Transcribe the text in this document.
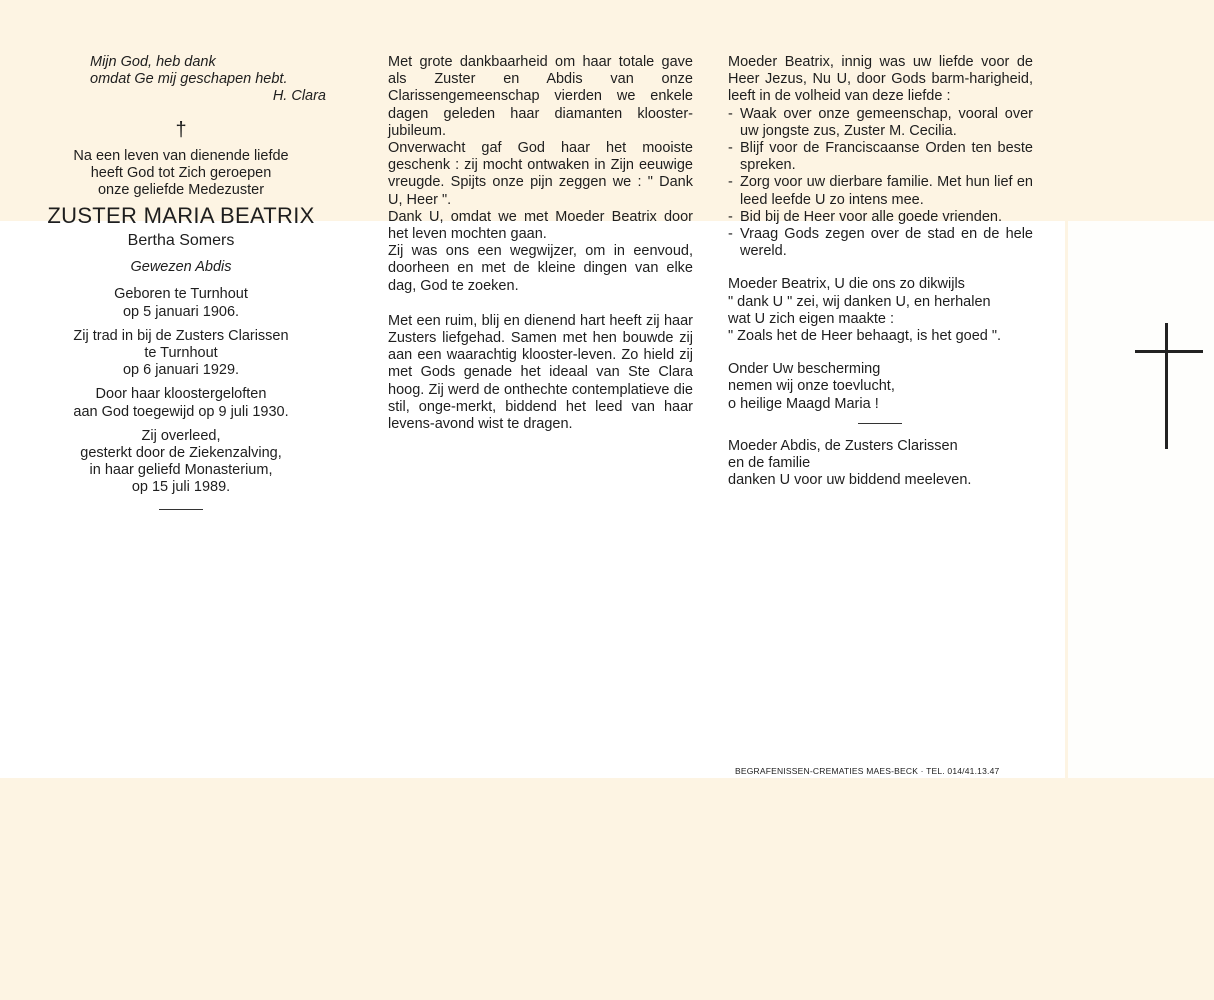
Mijn God, heb dank
omdat Ge mij geschapen hebt.
H. Clara
†
Na een leven van dienende liefde
heeft God tot Zich geroepen
onze geliefde Medezuster
ZUSTER MARIA BEATRIX
Bertha Somers
Gewezen Abdis
Geboren te Turnhout
op 5 januari 1906.
Zij trad in bij de Zusters Clarissen
te Turnhout
op 6 januari 1929.
Door haar kloostergeloften
aan God toegewijd op 9 juli 1930.
Zij overleed,
gesterkt door de Ziekenzalving,
in haar geliefd Monasterium,
op 15 juli 1989.

Met grote dankbaarheid om haar totale gave als Zuster en Abdis van onze Clarissengemeenschap vierden we enkele dagen geleden haar diamanten klooster-jubileum.

Onverwacht gaf God haar het mooiste geschenk : zij mocht ontwaken in Zijn eeuwige vreugde. Spijts onze pijn zeggen we : " Dank U, Heer ".

Dank U, omdat we met Moeder Beatrix door het leven mochten gaan.

Zij was ons een wegwijzer, om in eenvoud, doorheen en met de kleine dingen van elke dag, God te zoeken.

Met een ruim, blij en dienend hart heeft zij haar Zusters liefgehad. Samen met hen bouwde zij aan een waarachtig klooster-leven. Zo hield zij met Gods genade het ideaal van Ste Clara hoog. Zij werd de onthechte contemplatieve die stil, onge-merkt, biddend het leed van haar levens-avond wist te dragen.

Moeder Beatrix, innig was uw liefde voor de Heer Jezus, Nu U, door Gods barm-harigheid, leeft in de volheid van deze liefde :
- Waak over onze gemeenschap, vooral over uw jongste zus, Zuster M. Cecilia.
- Blijf voor de Franciscaanse Orden ten beste spreken.
- Zorg voor uw dierbare familie. Met hun lief en leed leefde U zo intens mee.
- Bid bij de Heer voor alle goede vrienden.
- Vraag Gods zegen over de stad en de hele wereld.
Moeder Beatrix, U die ons zo dikwijls
" dank U " zei, wij danken U, en herhalen
wat U zich eigen maakte :
" Zoals het de Heer behaagt, is het goed ".
Onder Uw bescherming
nemen wij onze toevlucht,
o heilige Maagd Maria !
Moeder Abdis, de Zusters Clarissen
en de familie
danken U voor uw biddend meeleven.
BEGRAFENISSEN-CREMATIES MAES-BECK · TEL. 014/41.13.47
